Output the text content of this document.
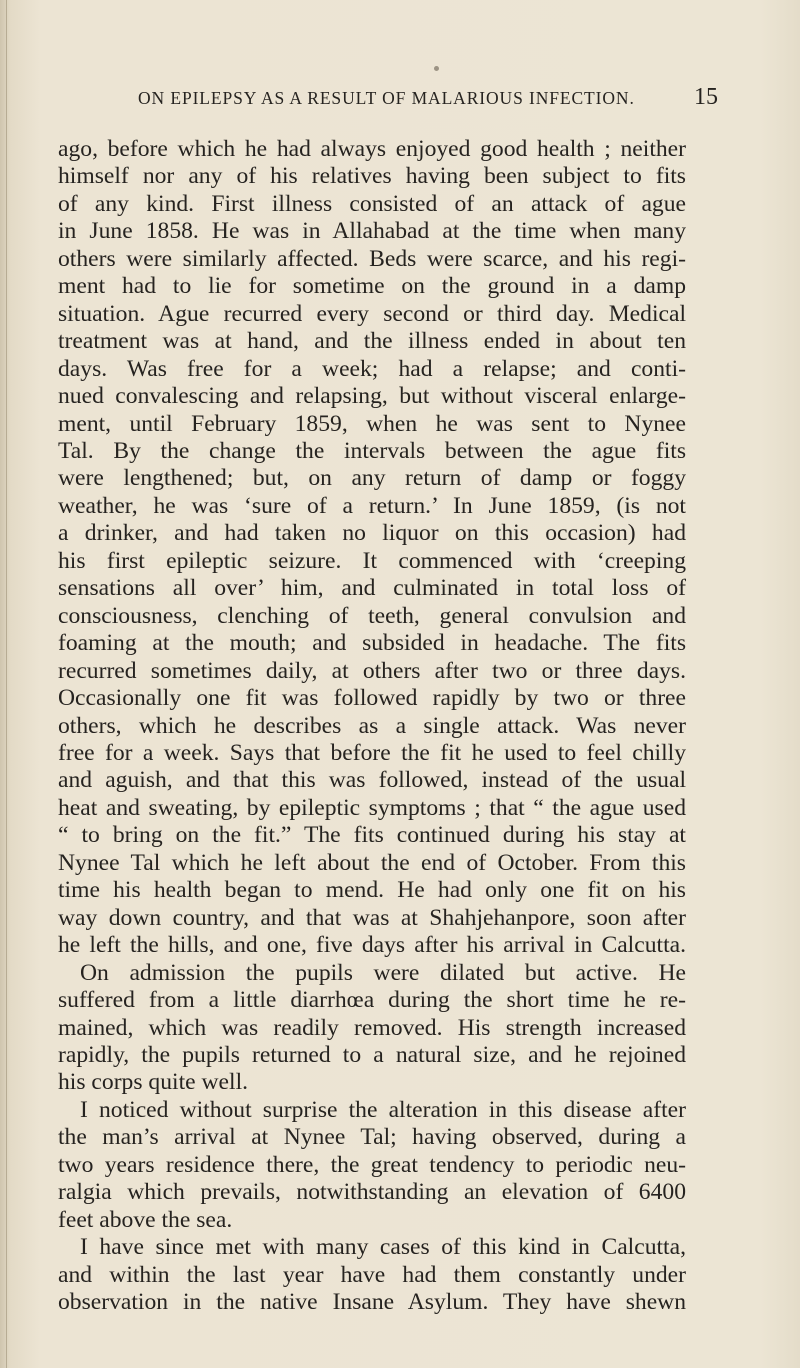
ON EPILEPSY AS A RESULT OF MALARIOUS INFECTION. 15
ago, before which he had always enjoyed good health ; neither
himself nor any of his relatives having been subject to fits
of any kind. First illness consisted of an attack of ague
in June 1858. He was in Allahabad at the time when many
others were similarly affected. Beds were scarce, and his regi-
ment had to lie for sometime on the ground in a damp
situation. Ague recurred every second or third day. Medical
treatment was at hand, and the illness ended in about ten
days. Was free for a week; had a relapse; and conti-
nued convalescing and relapsing, but without visceral enlarge-
ment, until February 1859, when he was sent to Nynee
Tal. By the change the intervals between the ague fits
were lengthened; but, on any return of damp or foggy
weather, he was ‘sure of a return.’ In June 1859, (is not
a drinker, and had taken no liquor on this occasion) had
his first epileptic seizure. It commenced with ‘creeping
sensations all over’ him, and culminated in total loss of
consciousness, clenching of teeth, general convulsion and
foaming at the mouth; and subsided in headache. The fits
recurred sometimes daily, at others after two or three days.
Occasionally one fit was followed rapidly by two or three
others, which he describes as a single attack. Was never
free for a week. Says that before the fit he used to feel chilly
and aguish, and that this was followed, instead of the usual
heat and sweating, by epileptic symptoms ; that “ the ague used
“ to bring on the fit.” The fits continued during his stay at
Nynee Tal which he left about the end of October. From this
time his health began to mend. He had only one fit on his
way down country, and that was at Shahjehanpore, soon after
he left the hills, and one, five days after his arrival in Calcutta.
On admission the pupils were dilated but active. He
suffered from a little diarrhœa during the short time he re-
mained, which was readily removed. His strength increased
rapidly, the pupils returned to a natural size, and he rejoined
his corps quite well.
I noticed without surprise the alteration in this disease after
the man’s arrival at Nynee Tal; having observed, during a
two years residence there, the great tendency to periodic neu-
ralgia which prevails, notwithstanding an elevation of 6400
feet above the sea.
I have since met with many cases of this kind in Calcutta,
and within the last year have had them constantly under
observation in the native Insane Asylum. They have shewn
